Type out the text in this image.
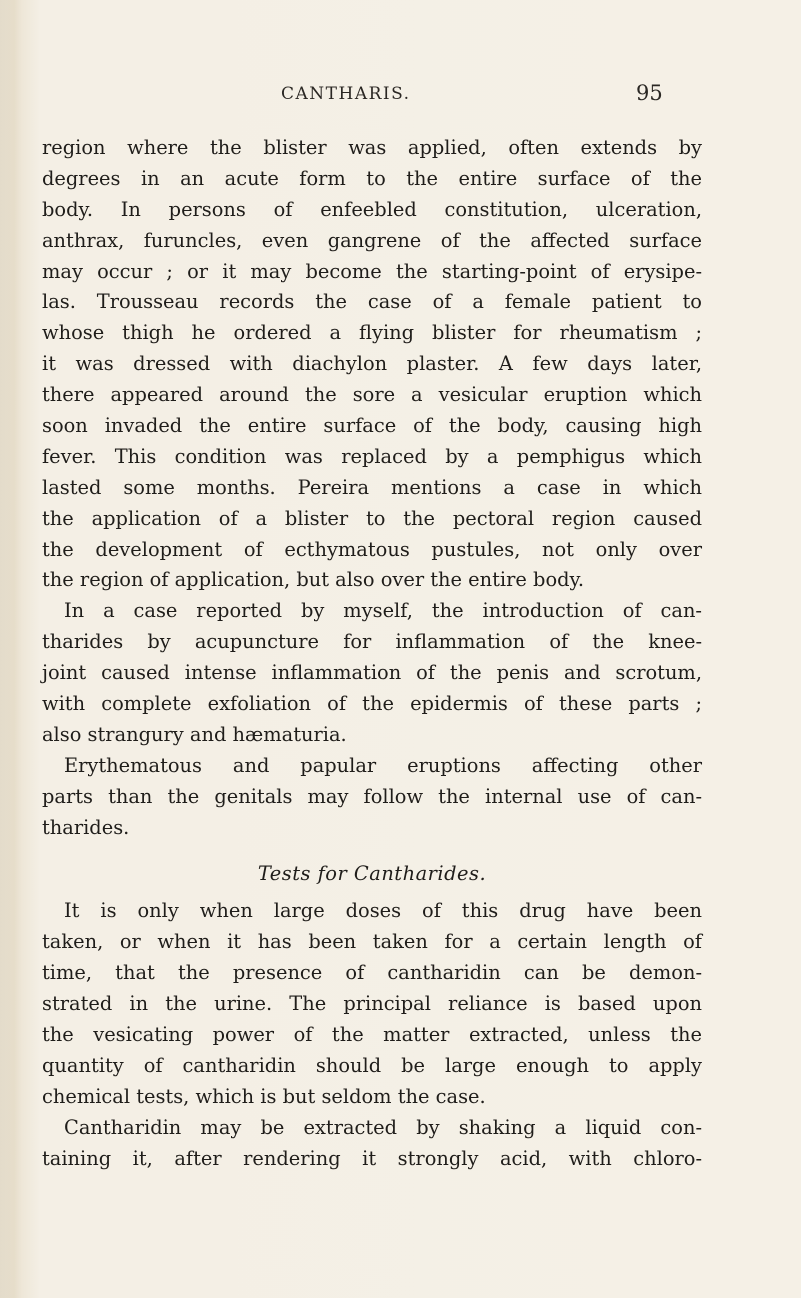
CANTHARIS.	95
region where the blister was applied, often extends by
degrees in an acute form to the entire surface of the
body. In persons of enfeebled constitution, ulceration,
anthrax, furuncles, even gangrene of the affected surface
may occur ; or it may become the starting-point of erysipe-
las. Trousseau records the case of a female patient to
whose thigh he ordered a flying blister for rheumatism ;
it was dressed with diachylon plaster. A few days later,
there appeared around the sore a vesicular eruption which
soon invaded the entire surface of the body, causing high
fever. This condition was replaced by a pemphigus which
lasted some months. Pereira mentions a case in which
the application of a blister to the pectoral region caused
the development of ecthymatous pustules, not only over
the region of application, but also over the entire body.
In a case reported by myself, the introduction of can-
tharides by acupuncture for inflammation of the knee-
joint caused intense inflammation of the penis and scrotum,
with complete exfoliation of the epidermis of these parts ;
also strangury and hæmaturia.
Erythematous and papular eruptions affecting other
parts than the genitals may follow the internal use of can-
tharides.
Tests for Cantharides.
It is only when large doses of this drug have been
taken, or when it has been taken for a certain length of
time, that the presence of cantharidin can be demon-
strated in the urine. The principal reliance is based upon
the vesicating power of the matter extracted, unless the
quantity of cantharidin should be large enough to apply
chemical tests, which is but seldom the case.
Cantharidin may be extracted by shaking a liquid con-
taining it, after rendering it strongly acid, with chloro-
